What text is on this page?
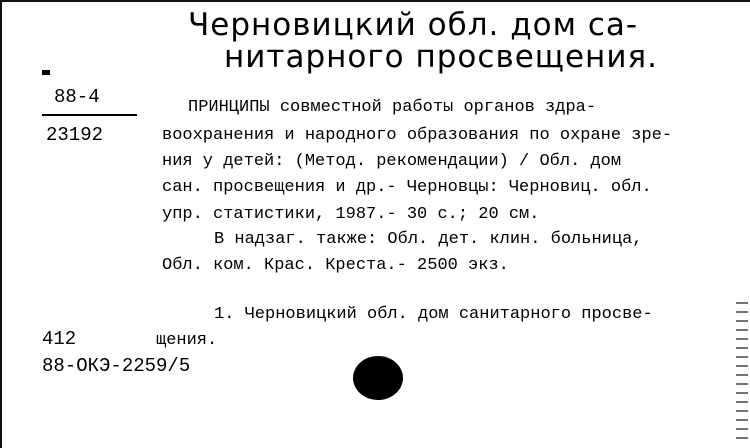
Черновицкий обл. дом са-
нитарного просвещения.
88-4
23192
ПРИНЦИПЫ совместной работы органов здра-
воохранения и народного образования по охране зре-
ния у детей: (Метод. рекомендации) / Обл. дом
сан. просвещения и др.- Черновцы: Черновиц. обл.
упр. статистики, 1987.- 30 с.; 20 см.
В надзаг. также: Обл. дет. клин. больница,
Обл. ком. Крас. Креста.- 2500 экз.
1. Черновицкий обл. дом санитарного просве-
щения.
412
88-ОКЭ-2259/5
